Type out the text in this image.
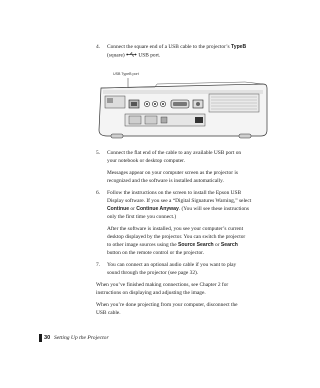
4. Connect the square end of a USB cable to the projector’s TypeB
(square)  USB port.
USB TypeB port
5. Connect the flat end of the cable to any available USB port on
your notebook or desktop computer.
Messages appear on your computer screen as the projector is
recognized and the software is installed automatically.
6. Follow the instructions on the screen to install the Epson USB
Display software. If you see a “Digital Signatures Warning,” select
Continue or Continue Anyway. (You will see these instructions
only the first time you connect.)
After the software is installed, you see your computer’s current
desktop displayed by the projector. You can switch the projector
to other image sources using the Source Search or Search
button on the remote control or the projector.
7. You can connect an optional audio cable if you want to play
sound through the projector (see page 32).
When you’ve finished making connections, see Chapter 2 for
instructions on displaying and adjusting the image.
When you’re done projecting from your computer, disconnect the
USB cable.
30 Setting Up the Projector
